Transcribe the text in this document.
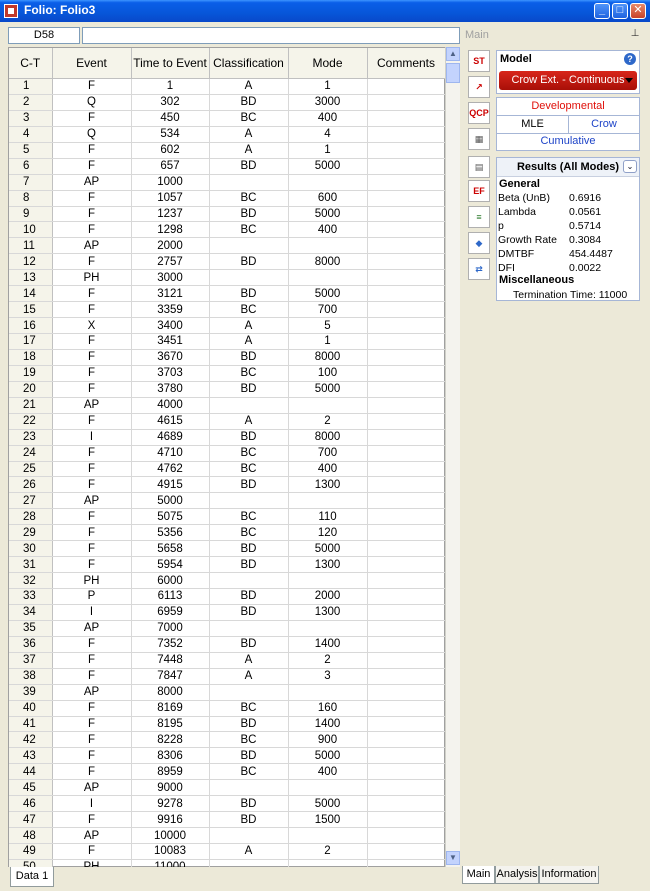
Folio: Folio3	_	□ ✕
D58
C-T	Event	Time to Event	Classification	Mode	Comments
1	F	1	A	1	
2	Q	302	BD	3000	
3	F	450	BC	400	
4	Q	534	A	4	
5	F	602	A	1	
6	F	657	BD	5000	
7	AP	1000			
8	F	1057	BC	600	
9	F	1237	BD	5000	
10	F	1298	BC	400	
11	AP	2000			
12	F	2757	BD	8000	
13	PH	3000			
14	F	3121	BD	5000	
15	F	3359	BC	700	
16	X	3400	A	5	
17	F	3451	A	1	
18	F	3670	BD	8000	
19	F	3703	BC	100	
20	F	3780	BD	5000	
21	AP	4000			
22	F	4615	A	2	
23	I	4689	BD	8000	
24	F	4710	BC	700	
25	F	4762	BC	400	
26	F	4915	BD	1300	
27	AP	5000			
28	F	5075	BC	110	
29	F	5356	BC	120	
30	F	5658	BD	5000	
31	F	5954	BD	1300	
32	PH	6000			
33	P	6113	BD	2000	
34	I	6959	BD	1300	
35	AP	7000			
36	F	7352	BD	1400	
37	F	7448	A	2	
38	F	7847	A	3	
39	AP	8000			
40	F	8169	BC	160	
41	F	8195	BD	1400	
42	F	8228	BC	900	
43	F	8306	BD	5000	
44	F	8959	BC	400	
45	AP	9000			
46	I	9278	BD	5000	
47	F	9916	BD	1500	
48	AP	10000			
49	F	10083	A	2	

▲
▼
Data 1
Main	⊥
ST
↗
QCP
▦
▤
EF
≡
◆
⇄
Model	?
Crow Ext. - Continuous
Developmental
MLE	Crow
Cumulative
Results (All Modes) ⌄
General
Beta (UnB) 0.6916
Lambda	0.0561
p	0.5714
Growth Rate 0.3084
DMTBF	454.4487
DFI	0.0022
Miscellaneous
Termination Time: 11000
Main Analysis Information
